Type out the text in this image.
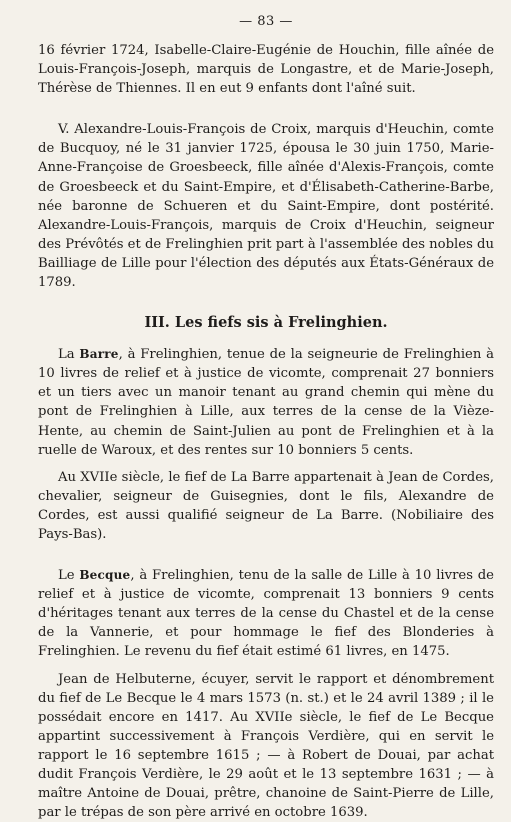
— 83 —

16 février 1724, Isabelle-Claire-Eugénie de Houchin, fille aînée de Louis-François-Joseph, marquis de Longastre, et de Marie-Joseph, Thérèse de Thiennes. Il en eut 9 enfants dont l'aîné suit.

V. Alexandre-Louis-François de Croix, marquis d'Heuchin, comte de Bucquoy, né le 31 janvier 1725, épousa le 30 juin 1750, Marie-Anne-Françoise de Groesbeeck, fille aînée d'Alexis-François, comte de Groesbeeck et du Saint-Empire, et d'Élisabeth-Catherine-Barbe, née baronne de Schueren et du Saint-Empire, dont postérité. Alexandre-Louis-François, marquis de Croix d'Heuchin, seigneur des Prévôtés et de Frelinghien prit part à l'assemblée des nobles du Bailliage de Lille pour l'élection des députés aux États-Généraux de 1789.

III. Les fiefs sis à Frelinghien.

La Barre, à Frelinghien, tenue de la seigneurie de Frelinghien à 10 livres de relief et à justice de vicomte, comprenait 27 bonniers et un tiers avec un manoir tenant au grand chemin qui mène du pont de Frelinghien à Lille, aux terres de la cense de la Vièze-Hente, au chemin de Saint-Julien au pont de Frelinghien et à la ruelle de Waroux, et des rentes sur 10 bonniers 5 cents.

Au XVIIe siècle, le fief de La Barre appartenait à Jean de Cordes, chevalier, seigneur de Guisegnies, dont le fils, Alexandre de Cordes, est aussi qualifié seigneur de La Barre. (Nobiliaire des Pays-Bas).

Le Becque, à Frelinghien, tenu de la salle de Lille à 10 livres de relief et à justice de vicomte, comprenait 13 bonniers 9 cents d'héritages tenant aux terres de la cense du Chastel et de la cense de la Vannerie, et pour hommage le fief des Blonderies à Frelinghien. Le revenu du fief était estimé 61 livres, en 1475.

Jean de Helbuterne, écuyer, servit le rapport et dénombrement du fief de Le Becque le 4 mars 1573 (n. st.) et le 24 avril 1389 ; il le possédait encore en 1417. Au XVIIe siècle, le fief de Le Becque appartint successivement à François Verdière, qui en servit le rapport le 16 septembre 1615 ; — à Robert de Douai, par achat dudit François Verdière, le 29 août et le 13 septembre 1631 ; — à maître Antoine de Douai, prêtre, chanoine de Saint-Pierre de Lille, par le trépas de son père arrivé en octobre 1639.
